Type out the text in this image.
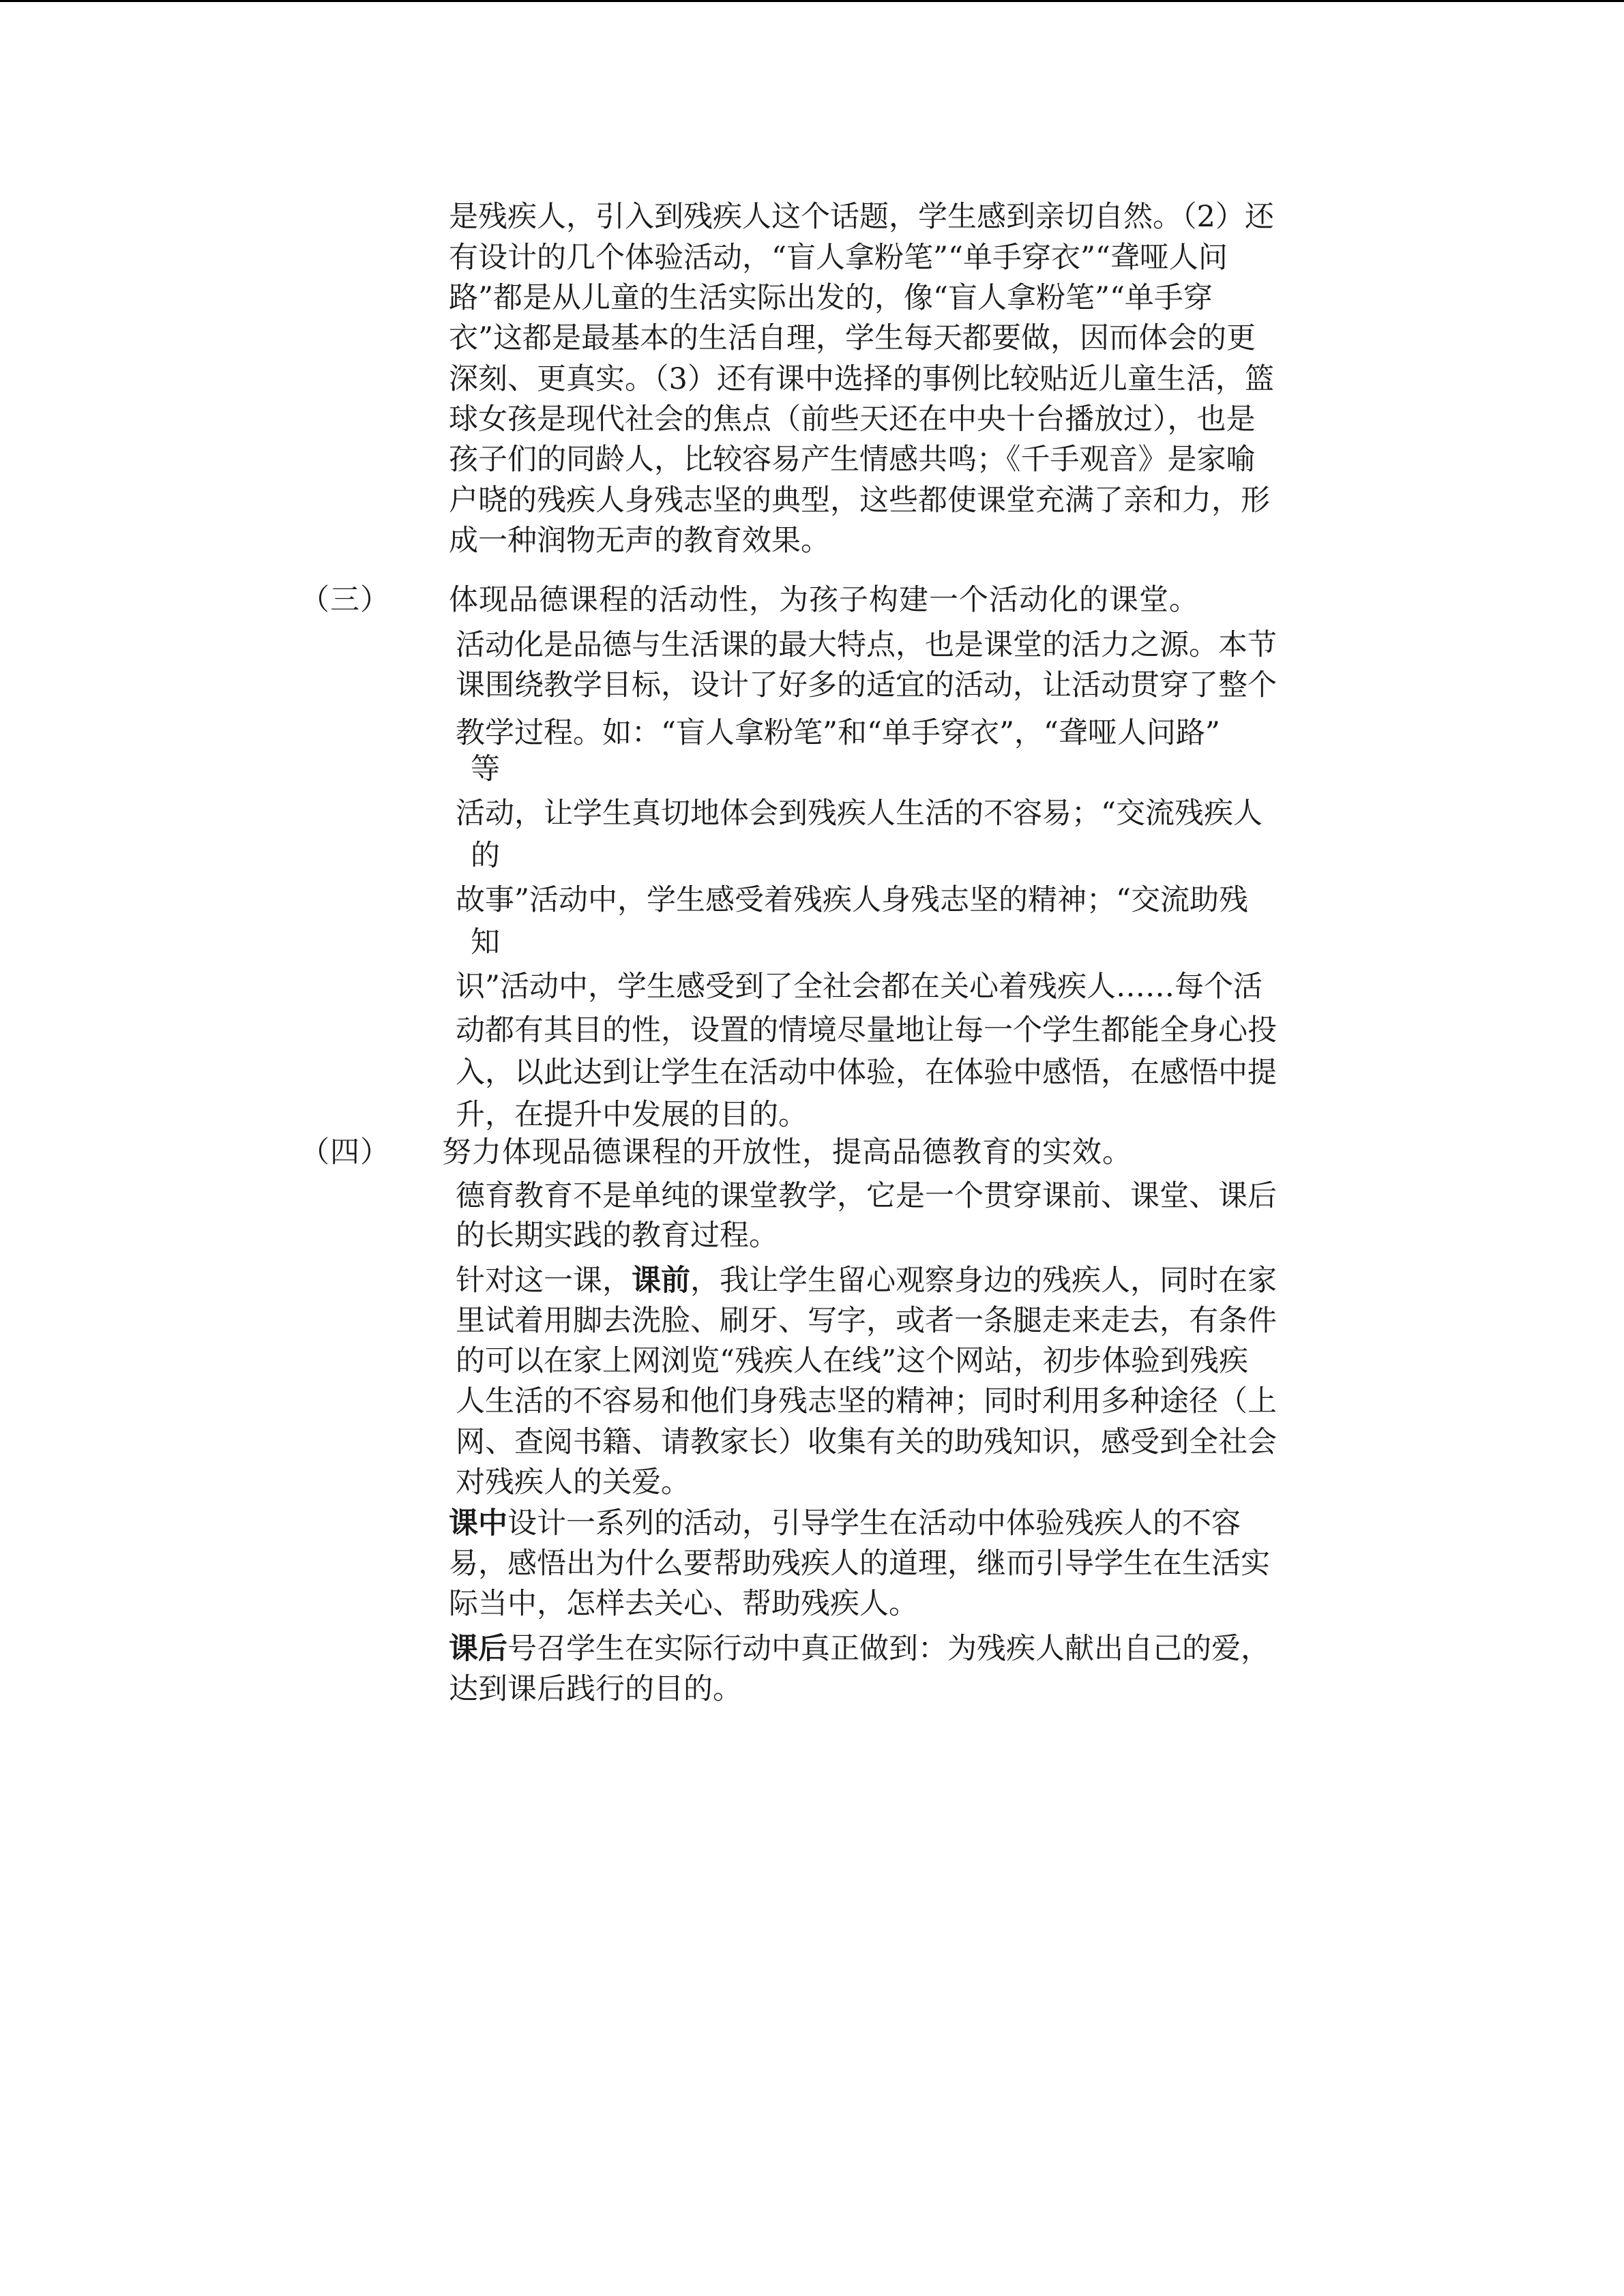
是残疾人，引入到残疾人这个话题，学生感到亲切自然。（2）还
有设计的几个体验活动，“盲人拿粉笔”“单手穿衣”“聋哑人问
路”都是从儿童的生活实际出发的，像“盲人拿粉笔”“单手穿
衣”这都是最基本的生活自理，学生每天都要做，因而体会的更
深刻、更真实。（3）还有课中选择的事例比较贴近儿童生活，篮
球女孩是现代社会的焦点（前些天还在中央十台播放过），也是
孩子们的同龄人，比较容易产生情感共鸣；《千手观音》是家喻
户晓的残疾人身残志坚的典型，这些都使课堂充满了亲和力，形
成一种润物无声的教育效果。
（三） 体现品德课程的活动性，为孩子构建一个活动化的课堂。
活动化是品德与生活课的最大特点，也是课堂的活力之源。本节
课围绕教学目标，设计了好多的适宜的活动，让活动贯穿了整个
教学过程。如：“盲人拿粉笔”和“单手穿衣”，“聋哑人问路”
等
活动，让学生真切地体会到残疾人生活的不容易；“交流残疾人
的
故事”活动中，学生感受着残疾人身残志坚的精神；“交流助残
知
识”活动中，学生感受到了全社会都在关心着残疾人……每个活
动都有其目的性，设置的情境尽量地让每一个学生都能全身心投
入，以此达到让学生在活动中体验，在体验中感悟，在感悟中提
升，在提升中发展的目的。
（四） 努力体现品德课程的开放性，提高品德教育的实效。
德育教育不是单纯的课堂教学，它是一个贯穿课前、课堂、课后
的长期实践的教育过程。
针对这一课，课前，我让学生留心观察身边的残疾人，同时在家
里试着用脚去洗脸、刷牙、写字，或者一条腿走来走去，有条件
的可以在家上网浏览“残疾人在线”这个网站，初步体验到残疾
人生活的不容易和他们身残志坚的精神；同时利用多种途径（上
网、查阅书籍、请教家长）收集有关的助残知识，感受到全社会
对残疾人的关爱。
课中设计一系列的活动，引导学生在活动中体验残疾人的不容
易，感悟出为什么要帮助残疾人的道理，继而引导学生在生活实
际当中，怎样去关心、帮助残疾人。
课后号召学生在实际行动中真正做到：为残疾人献出自己的爱，
达到课后践行的目的。
